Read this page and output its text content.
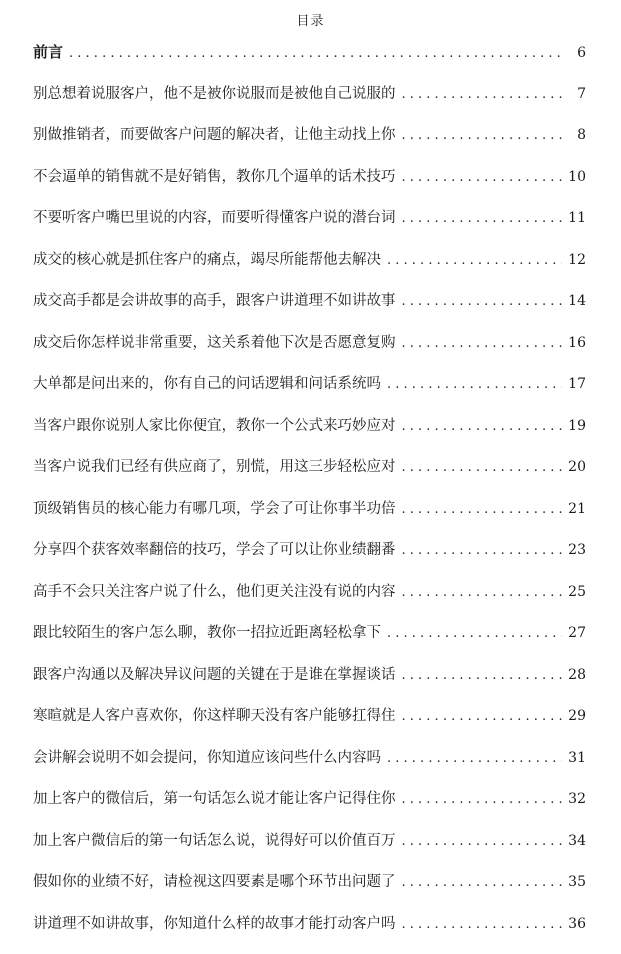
目录
前言 . . .	6
别总想着说服客户，他不是被你说服而是被他自己说服的 . . .	7
别做推销者，而要做客户问题的解决者，让他主动找上你 . . .	8
不会逼单的销售就不是好销售，教你几个逼单的话术技巧 . . .	10
不要听客户嘴巴里说的内容，而要听得懂客户说的潜台词 . . .	11
成交的核心就是抓住客户的痛点，竭尽所能帮他去解决 . . .	12
成交高手都是会讲故事的高手，跟客户讲道理不如讲故事 . . .	14
成交后你怎样说非常重要，这关系着他下次是否愿意复购 . . .	16
大单都是问出来的，你有自己的问话逻辑和问话系统吗 . . .	17
当客户跟你说别人家比你便宜，教你一个公式来巧妙应对 . . .	19
当客户说我们已经有供应商了，别慌，用这三步轻松应对 . . .	20
顶级销售员的核心能力有哪几项，学会了可让你事半功倍 . . .	21
分享四个获客效率翻倍的技巧，学会了可以让你业绩翻番 . . .	23
高手不会只关注客户说了什么，他们更关注没有说的内容 . . .	25
跟比较陌生的客户怎么聊，教你一招拉近距离轻松拿下 . . .	27
跟客户沟通以及解决异议问题的关键在于是谁在掌握谈话 . . .	28
寒暄就是人客户喜欢你，你这样聊天没有客户能够扛得住 . . .	29
会讲解会说明不如会提问，你知道应该问些什么内容吗 . . .	31
加上客户的微信后，第一句话怎么说才能让客户记得住你 . . .	32
加上客户微信后的第一句话怎么说，说得好可以价值百万 . . .	34
假如你的业绩不好，请检视这四要素是哪个环节出问题了 . . .	35
讲道理不如讲故事，你知道什么样的故事才能打动客户吗 . . .	36
